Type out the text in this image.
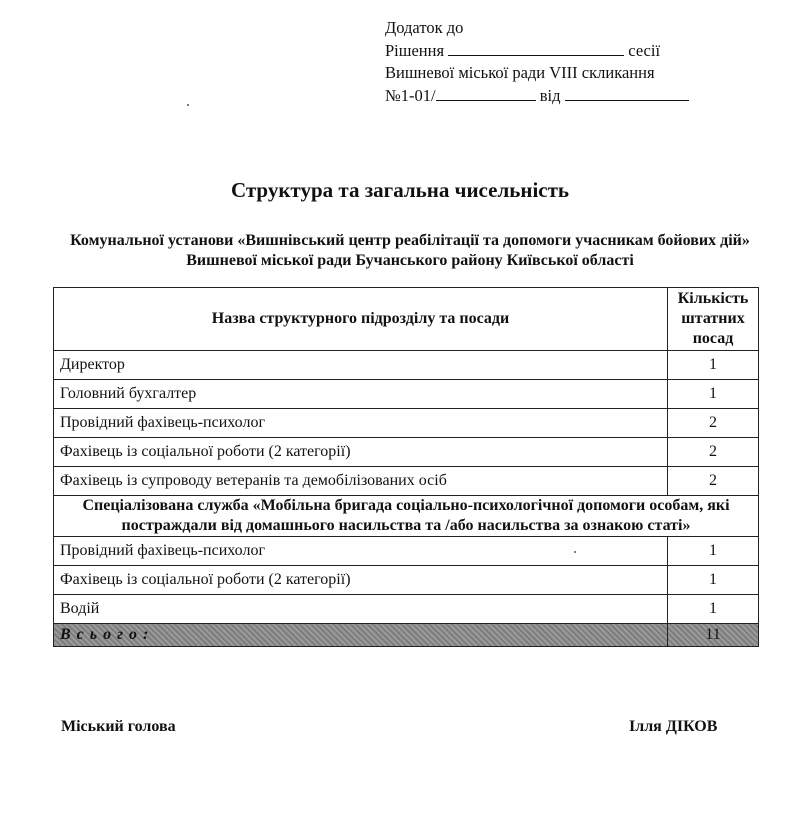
Додаток до
Рішення	сесії
Вишневої міської ради VIII скликання
№1-01/	від
Структура та загальна чисельність
Комунальної установи «Вишнівський центр реабілітації та допомоги учасникам бойових дій» Вишневої міської ради Бучанського району Київської області
Назва структурного підрозділу та посади	Кількість штатних посад
Директор	1
Головний бухгалтер	1
Провідний фахівець-психолог	2
Фахівець із соціальної роботи (2 категорії)	2
Фахівець із супроводу ветеранів та демобілізованих осіб	2
Спеціалізована служба «Мобільна бригада соціально-психологічної допомоги особам, які постраждали від домашнього насильства та /або насильства за ознакою статі»	
Провідний фахівець-психолог	1
Фахівець із соціальної роботи (2 категорії)	1
Водій	1
Всього:	11
Міський голова	Ілля ДІКОВ
